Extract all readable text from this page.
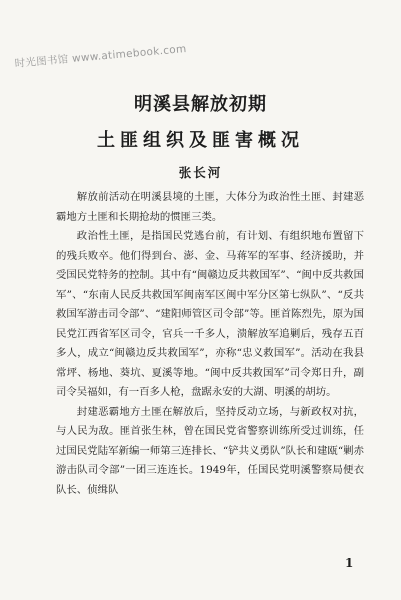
时光图书馆 www.atimebook.com
明溪县解放初期
土匪组织及匪害概况
张长河

解放前活动在明溪县境的土匪，大体分为政治性土匪、封建恶霸地方土匪和长期抢劫的惯匪三类。

政治性土匪，是指国民党逃台前，有计划、有组织地布置留下的残兵败卒。他们得到台、澎、金、马蒋军的军事、经济援助，并受国民党特务的控制。其中有“闽赣边反共救国军”、“闽中反共救国军”、“东南人民反共救国军闽南军区闽中军分区第七纵队”、“反共救国军游击司令部”、“建阳师管区司令部”等。匪首陈烈先，原为国民党江西省军区司令，官兵一千多人，溃解放军追剿后，残存五百多人，成立“闽赣边反共救国军”，亦称“忠义救国军”。活动在我县常坪、杨地、葵坑、夏溪等地。“闽中反共救国军”司令郑日升，副司令吴福如，有一百多人枪，盘踞永安的大湖、明溪的胡坊。

封建恶霸地方土匪在解放后，坚持反动立场，与新政权对抗，与人民为敌。匪首张生林，曾在国民党省警察训练所受过训练，任过国民党陆军新编一师第三连排长、“铲共义勇队”队长和建瓯“剿赤游击队司令部”一团三连连长。1949年，任国民党明溪警察局便衣队长、侦缉队

1
